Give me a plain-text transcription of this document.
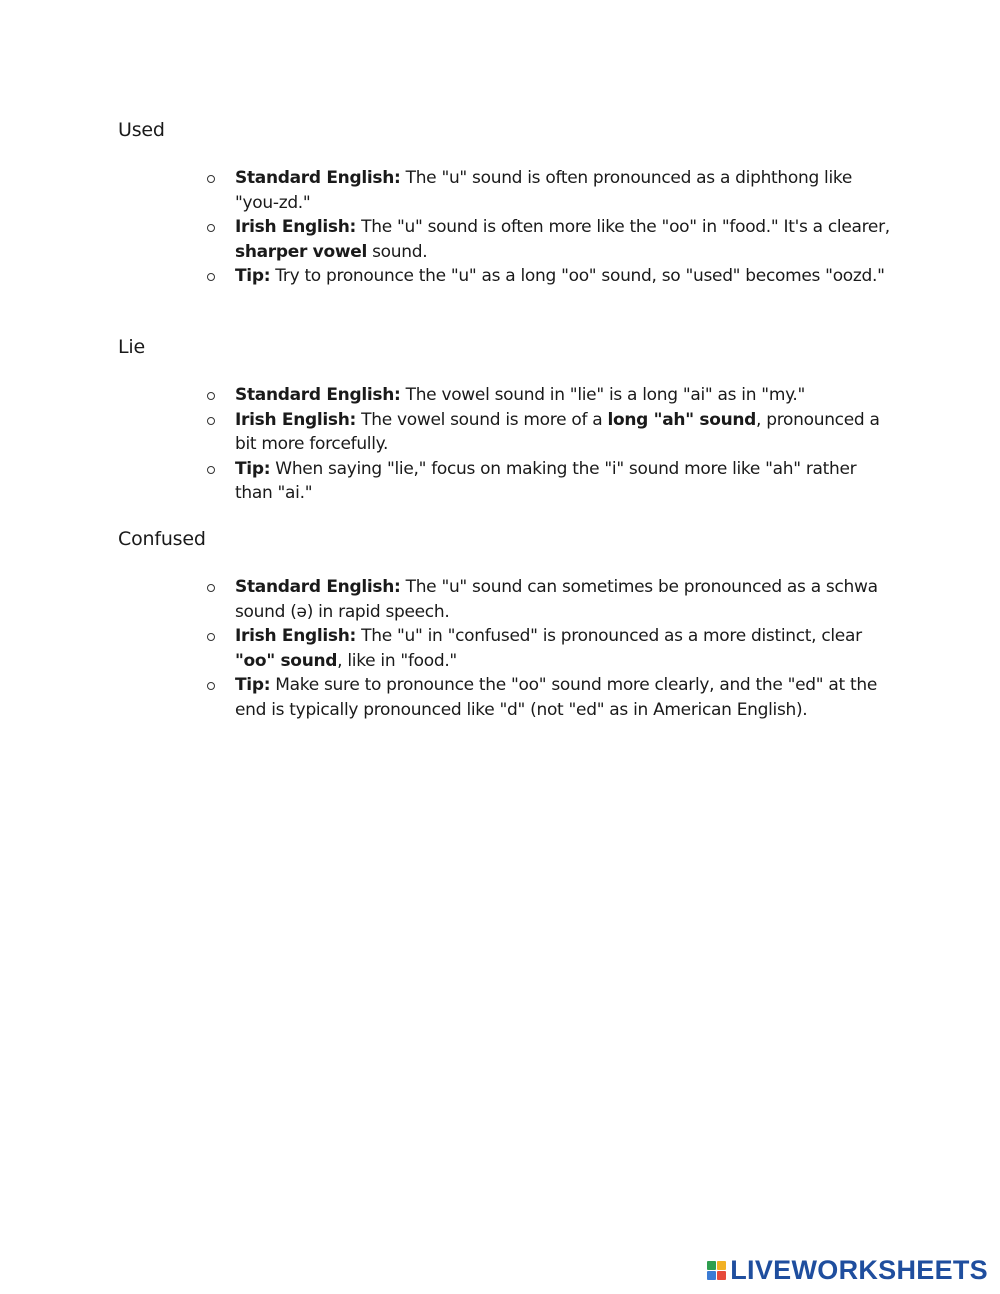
Used
Standard English: The "u" sound is often pronounced as a diphthong like "you-zd."
Irish English: The "u" sound is often more like the "oo" in "food." It's a clearer, sharper vowel sound.
Tip: Try to pronounce the "u" as a long "oo" sound, so "used" becomes "oozd."
Lie
Standard English: The vowel sound in "lie" is a long "ai" as in "my."
Irish English: The vowel sound is more of a long "ah" sound, pronounced a bit more forcefully.
Tip: When saying "lie," focus on making the "i" sound more like "ah" rather than "ai."
Confused
Standard English: The "u" sound can sometimes be pronounced as a schwa sound (ə) in rapid speech.
Irish English: The "u" in "confused" is pronounced as a more distinct, clear "oo" sound, like in "food."
Tip: Make sure to pronounce the "oo" sound more clearly, and the "ed" at the end is typically pronounced like "d" (not "ed" as in American English).
LIVEWORKSHEETS
